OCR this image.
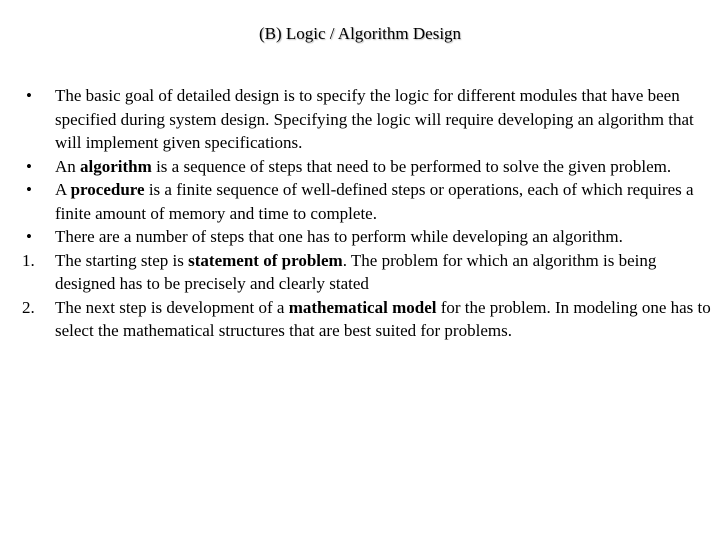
(B) Logic / Algorithm Design
•	The basic goal of detailed design is to specify the logic for different modules that have been specified during system design. Specifying the logic will require developing an algorithm that will implement given specifications.
•	An algorithm is a sequence of steps that need to be performed to solve the given problem.
•	A procedure is a finite sequence of well-defined steps or operations, each of which requires a finite amount of memory and time to complete.
•	There are a number of steps that one has to perform while developing an algorithm.
1.	The starting step is statement of problem. The problem for which an algorithm is being designed has to be precisely and clearly stated
2.	The next step is development of a mathematical model for the problem. In modeling one has to select the mathematical structures that are best suited for problems.
